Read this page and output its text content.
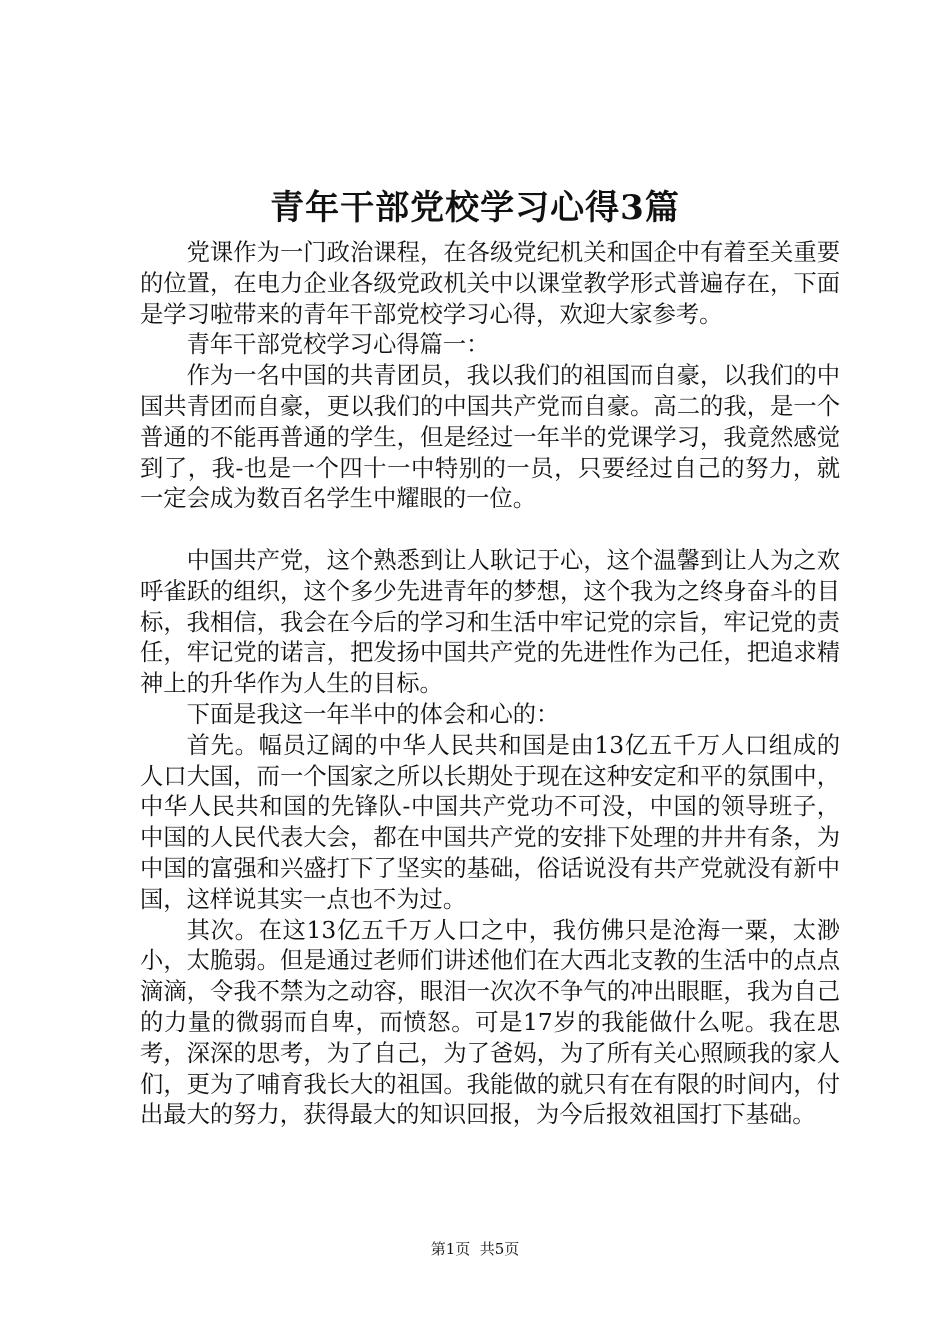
青年干部党校学习心得3篇

党课作为一门政治课程，在各级党纪机关和国企中有着至关重要的位置，在电力企业各级党政机关中以课堂教学形式普遍存在，下面是学习啦带来的青年干部党校学习心得，欢迎大家参考。

青年干部党校学习心得篇一：

作为一名中国的共青团员，我以我们的祖国而自豪，以我们的中国共青团而自豪，更以我们的中国共产党而自豪。高二的我，是一个普通的不能再普通的学生，但是经过一年半的党课学习，我竟然感觉到了，我-也是一个四十一中特别的一员，只要经过自己的努力，就一定会成为数百名学生中耀眼的一位。

中国共产党，这个熟悉到让人耿记于心，这个温馨到让人为之欢呼雀跃的组织，这个多少先进青年的梦想，这个我为之终身奋斗的目标，我相信，我会在今后的学习和生活中牢记党的宗旨，牢记党的责任，牢记党的诺言，把发扬中国共产党的先进性作为己任，把追求精神上的升华作为人生的目标。

下面是我这一年半中的体会和心的：

首先。幅员辽阔的中华人民共和国是由13亿五千万人口组成的人口大国，而一个国家之所以长期处于现在这种安定和平的氛围中，中华人民共和国的先锋队-中国共产党功不可没，中国的领导班子，中国的人民代表大会，都在中国共产党的安排下处理的井井有条，为中国的富强和兴盛打下了坚实的基础，俗话说没有共产党就没有新中国，这样说其实一点也不为过。

其次。在这13亿五千万人口之中，我仿佛只是沧海一粟，太渺小，太脆弱。但是通过老师们讲述他们在大西北支教的生活中的点点滴滴，令我不禁为之动容，眼泪一次次不争气的冲出眼眶，我为自己的力量的微弱而自卑，而愤怒。可是17岁的我能做什么呢。我在思考，深深的思考，为了自己，为了爸妈，为了所有关心照顾我的家人们，更为了哺育我长大的祖国。我能做的就只有在有限的时间内，付出最大的努力，获得最大的知识回报，为今后报效祖国打下基础。

第1页  共5页
